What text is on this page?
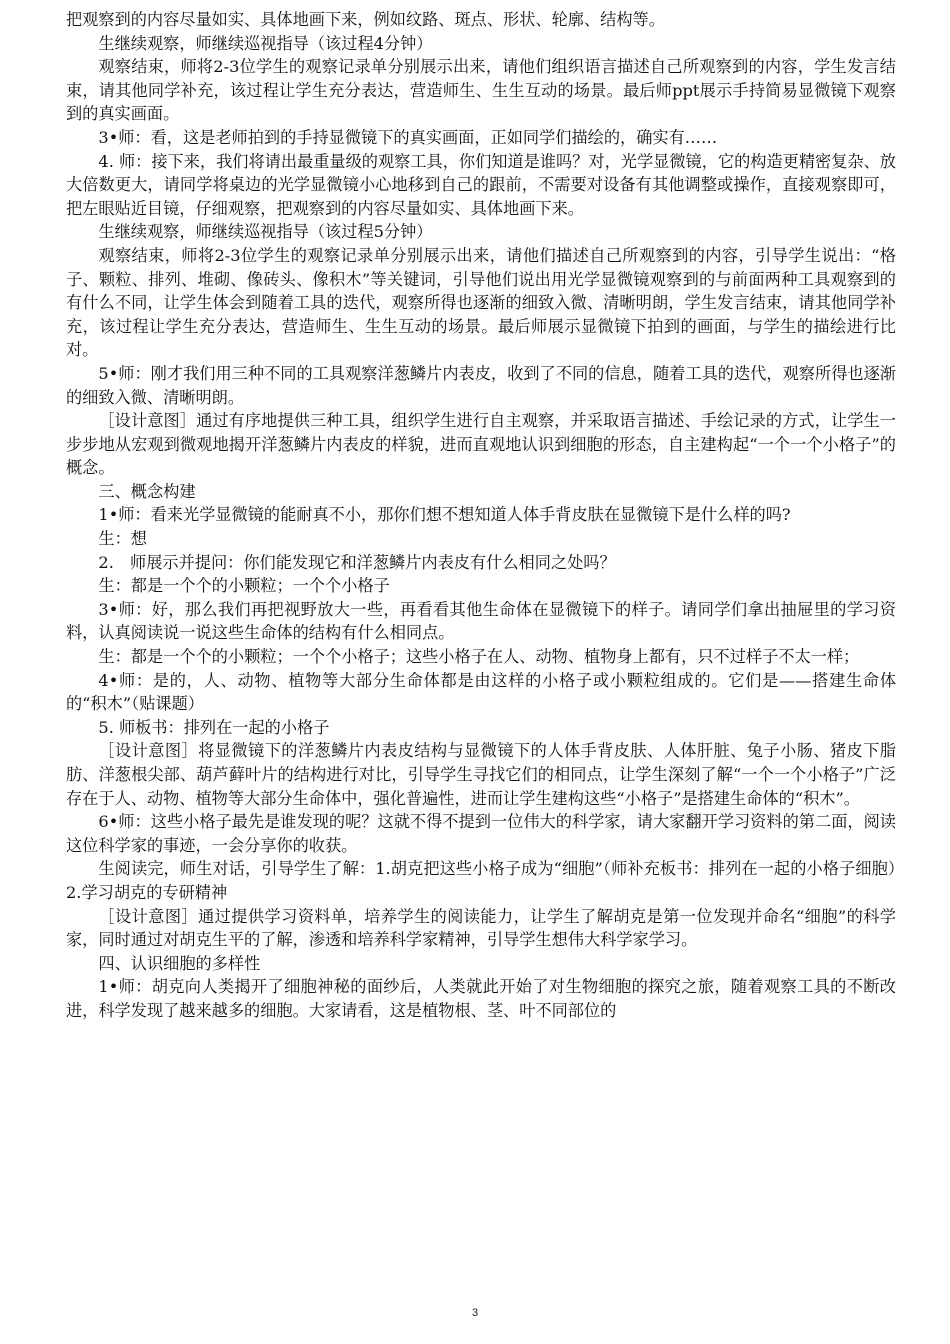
把观察到的内容尽量如实、具体地画下来，例如纹路、斑点、形状、轮廓、结构等。

生继续观察，师继续巡视指导（该过程4分钟）

观察结束，师将2-3位学生的观察记录单分别展示出来，请他们组织语言描述自己所观察到的内容，学生发言结束，请其他同学补充，该过程让学生充分表达，营造师生、生生互动的场景。最后师ppt展示手持简易显微镜下观察到的真实画面。

3•师：看，这是老师拍到的手持显微镜下的真实画面，正如同学们描绘的，确实有……

4. 师：接下来，我们将请出最重量级的观察工具，你们知道是谁吗？对，光学显微镜，它的构造更精密复杂、放大倍数更大，请同学将桌边的光学显微镜小心地移到自己的跟前，不需要对设备有其他调整或操作，直接观察即可，把左眼贴近目镜，仔细观察，把观察到的内容尽量如实、具体地画下来。

生继续观察，师继续巡视指导（该过程5分钟）

观察结束，师将2-3位学生的观察记录单分别展示出来，请他们描述自己所观察到的内容，引导学生说出：“格子、颗粒、排列、堆砌、像砖头、像积木”等关键词，引导他们说出用光学显微镜观察到的与前面两种工具观察到的有什么不同，让学生体会到随着工具的迭代，观察所得也逐渐的细致入微、清晰明朗，学生发言结束，请其他同学补充，该过程让学生充分表达，营造师生、生生互动的场景。最后师展示显微镜下拍到的画面，与学生的描绘进行比对。

5•师：刚才我们用三种不同的工具观察洋葱鳞片内表皮，收到了不同的信息，随着工具的迭代，观察所得也逐渐的细致入微、清晰明朗。

［设计意图］通过有序地提供三种工具，组织学生进行自主观察，并采取语言描述、手绘记录的方式，让学生一步步地从宏观到微观地揭开洋葱鳞片内表皮的样貌，进而直观地认识到细胞的形态，自主建构起“一个一个小格子”的概念。

三、概念构建

1•师：看来光学显微镜的能耐真不小，那你们想不想知道人体手背皮肤在显微镜下是什么样的吗?

生：想

2.　师展示并提问：你们能发现它和洋葱鳞片内表皮有什么相同之处吗？

生：都是一个个的小颗粒；一个个小格子

3•师：好，那么我们再把视野放大一些，再看看其他生命体在显微镜下的样子。请同学们拿出抽屉里的学习资料，认真阅读说一说这些生命体的结构有什么相同点。

生：都是一个个的小颗粒；一个个小格子；这些小格子在人、动物、植物身上都有，只不过样子不太一样；

4•师：是的，人、动物、植物等大部分生命体都是由这样的小格子或小颗粒组成的。它们是——搭建生命体的“积木”（贴课题）

5. 师板书：排列在一起的小格子

［设计意图］将显微镜下的洋葱鳞片内表皮结构与显微镜下的人体手背皮肤、人体肝脏、兔子小肠、猪皮下脂肪、洋葱根尖部、葫芦藓叶片的结构进行对比，引导学生寻找它们的相同点，让学生深刻了解“一个一个小格子”广泛存在于人、动物、植物等大部分生命体中，强化普遍性，进而让学生建构这些“小格子”是搭建生命体的“积木”。

6•师：这些小格子最先是谁发现的呢？这就不得不提到一位伟大的科学家，请大家翻开学习资料的第二面，阅读这位科学家的事迹，一会分享你的收获。

生阅读完，师生对话，引导学生了解：1.胡克把这些小格子成为“细胞”（师补充板书：排列在一起的小格子细胞）2.学习胡克的专研精神

［设计意图］通过提供学习资料单，培养学生的阅读能力，让学生了解胡克是第一位发现并命名“细胞”的科学家，同时通过对胡克生平的了解，渗透和培养科学家精神，引导学生想伟大科学家学习。

四、认识细胞的多样性

1•师：胡克向人类揭开了细胞神秘的面纱后，人类就此开始了对生物细胞的探究之旅，随着观察工具的不断改进，科学发现了越来越多的细胞。大家请看，这是植物根、茎、叶不同部位的

3
